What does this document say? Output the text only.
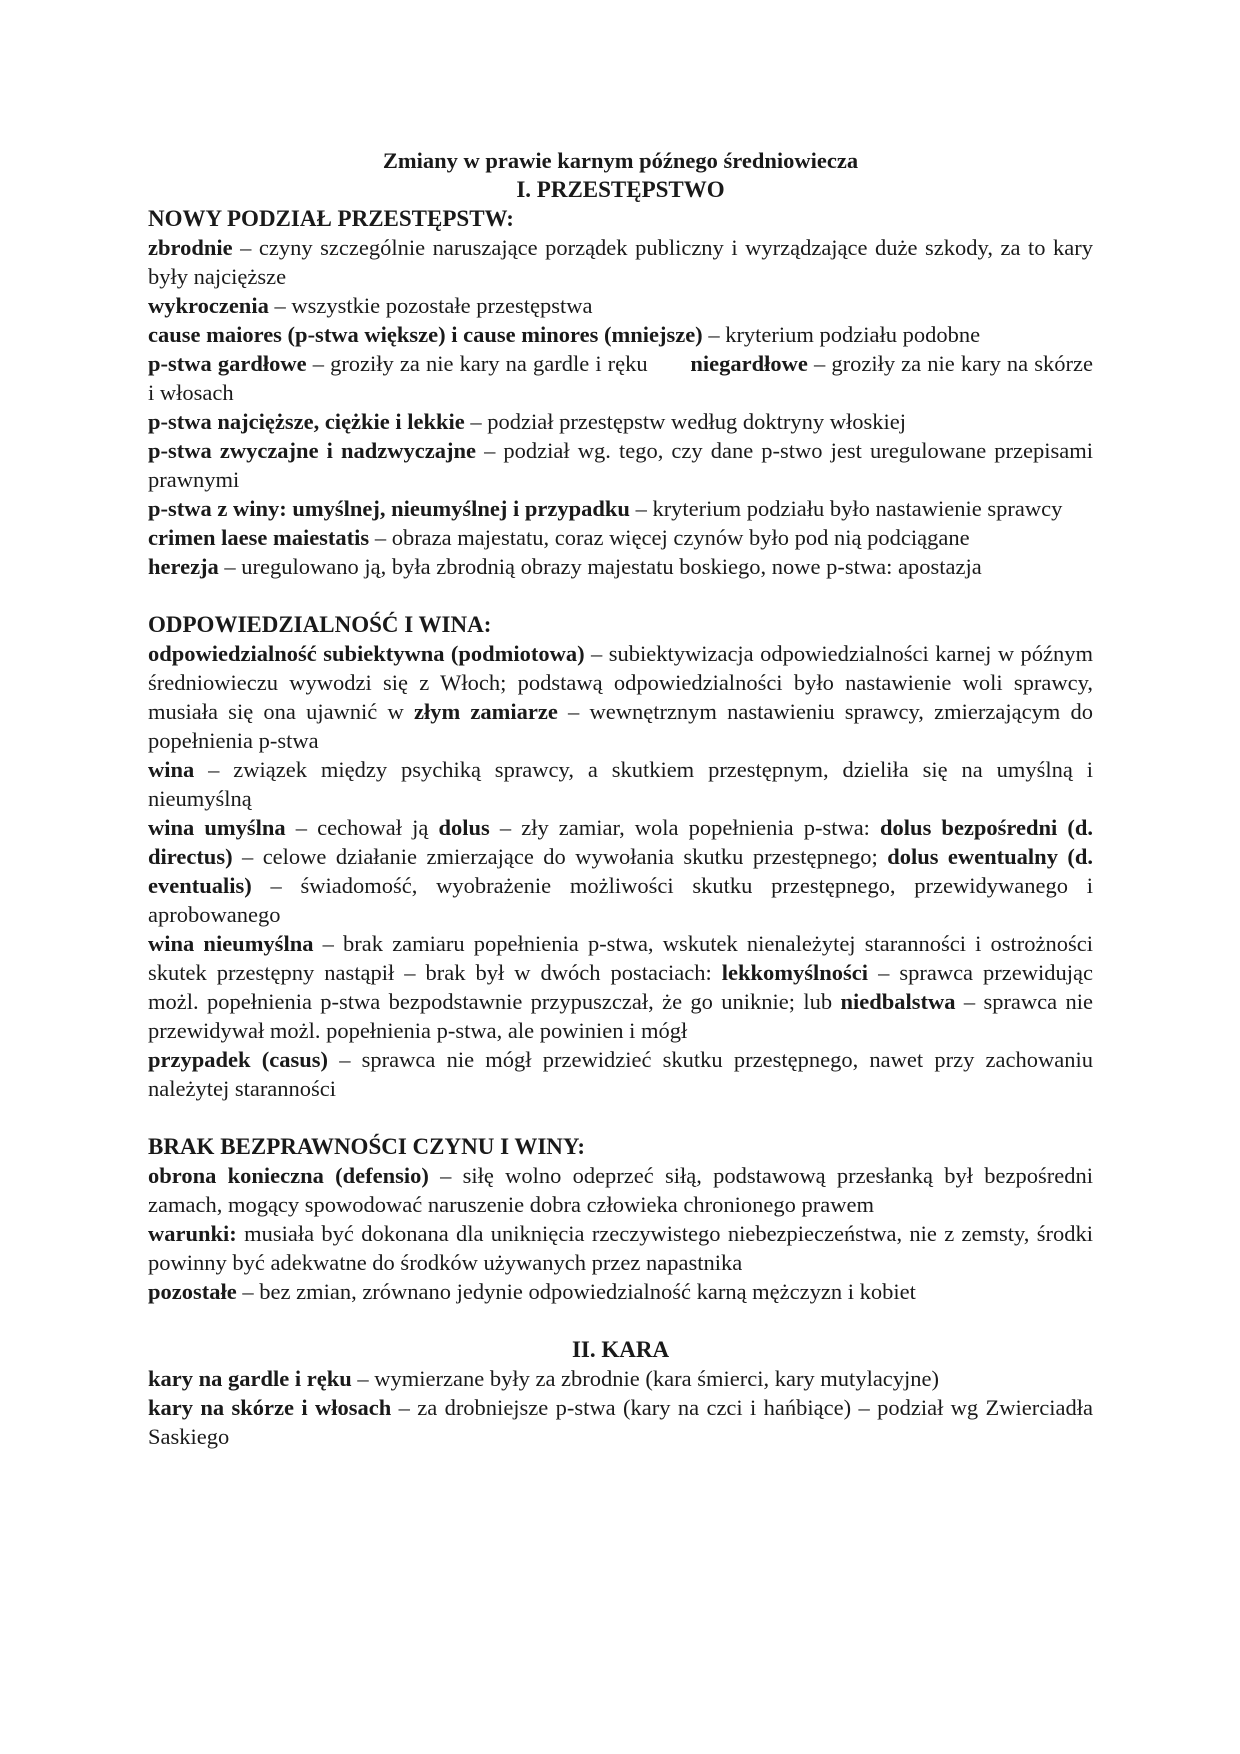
Zmiany w prawie karnym późnego średniowiecza

I. PRZESTĘPSTWO

NOWY PODZIAŁ PRZESTĘPSTW:

zbrodnie – czyny szczególnie naruszające porządek publiczny i wyrządzające duże szkody, za to kary były najcięższe

wykroczenia – wszystkie pozostałe przestępstwa

cause maiores (p-stwa większe) i cause minores (mniejsze) – kryterium podziału podobne

p-stwa gardłowe – groziły za nie kary na gardle i ręku niegardłowe – groziły za nie kary na skórze i włosach

p-stwa najcięższe, ciężkie i lekkie – podział przestępstw według doktryny włoskiej

p-stwa zwyczajne i nadzwyczajne – podział wg. tego, czy dane p-stwo jest uregulowane przepisami prawnymi

p-stwa z winy: umyślnej, nieumyślnej i przypadku – kryterium podziału było nastawienie sprawcy

crimen laese maiestatis – obraza majestatu, coraz więcej czynów było pod nią podciągane

herezja – uregulowano ją, była zbrodnią obrazy majestatu boskiego, nowe p-stwa: apostazja

ODPOWIEDZIALNOŚĆ I WINA:

odpowiedzialność subiektywna (podmiotowa) – subiektywizacja odpowiedzialności karnej w późnym średniowieczu wywodzi się z Włoch; podstawą odpowiedzialności było nastawienie woli sprawcy, musiała się ona ujawnić w złym zamiarze – wewnętrznym nastawieniu sprawcy, zmierzającym do popełnienia p-stwa

wina – związek między psychiką sprawcy, a skutkiem przestępnym, dzieliła się na umyślną i nieumyślną

wina umyślna – cechował ją dolus – zły zamiar, wola popełnienia p-stwa: dolus bezpośredni (d. directus) – celowe działanie zmierzające do wywołania skutku przestępnego; dolus ewentualny (d. eventualis) – świadomość, wyobrażenie możliwości skutku przestępnego, przewidywanego i aprobowanego

wina nieumyślna – brak zamiaru popełnienia p-stwa, wskutek nienależytej staranności i ostrożności skutek przestępny nastąpił – brak był w dwóch postaciach: lekkomyślności – sprawca przewidując możl. popełnienia p-stwa bezpodstawnie przypuszczał, że go uniknie; lub niedbalstwa – sprawca nie przewidywał możl. popełnienia p-stwa, ale powinien i mógł

przypadek (casus) – sprawca nie mógł przewidzieć skutku przestępnego, nawet przy zachowaniu należytej staranności

BRAK BEZPRAWNOŚCI CZYNU I WINY:

obrona konieczna (defensio) – siłę wolno odeprzeć siłą, podstawową przesłanką był bezpośredni zamach, mogący spowodować naruszenie dobra człowieka chronionego prawem

warunki: musiała być dokonana dla uniknięcia rzeczywistego niebezpieczeństwa, nie z zemsty, środki powinny być adekwatne do środków używanych przez napastnika

pozostałe – bez zmian, zrównano jedynie odpowiedzialność karną mężczyzn i kobiet

II. KARA

kary na gardle i ręku – wymierzane były za zbrodnie (kara śmierci, kary mutylacyjne)

kary na skórze i włosach – za drobniejsze p-stwa (kary na czci i hańbiące) – podział wg Zwierciadła Saskiego
